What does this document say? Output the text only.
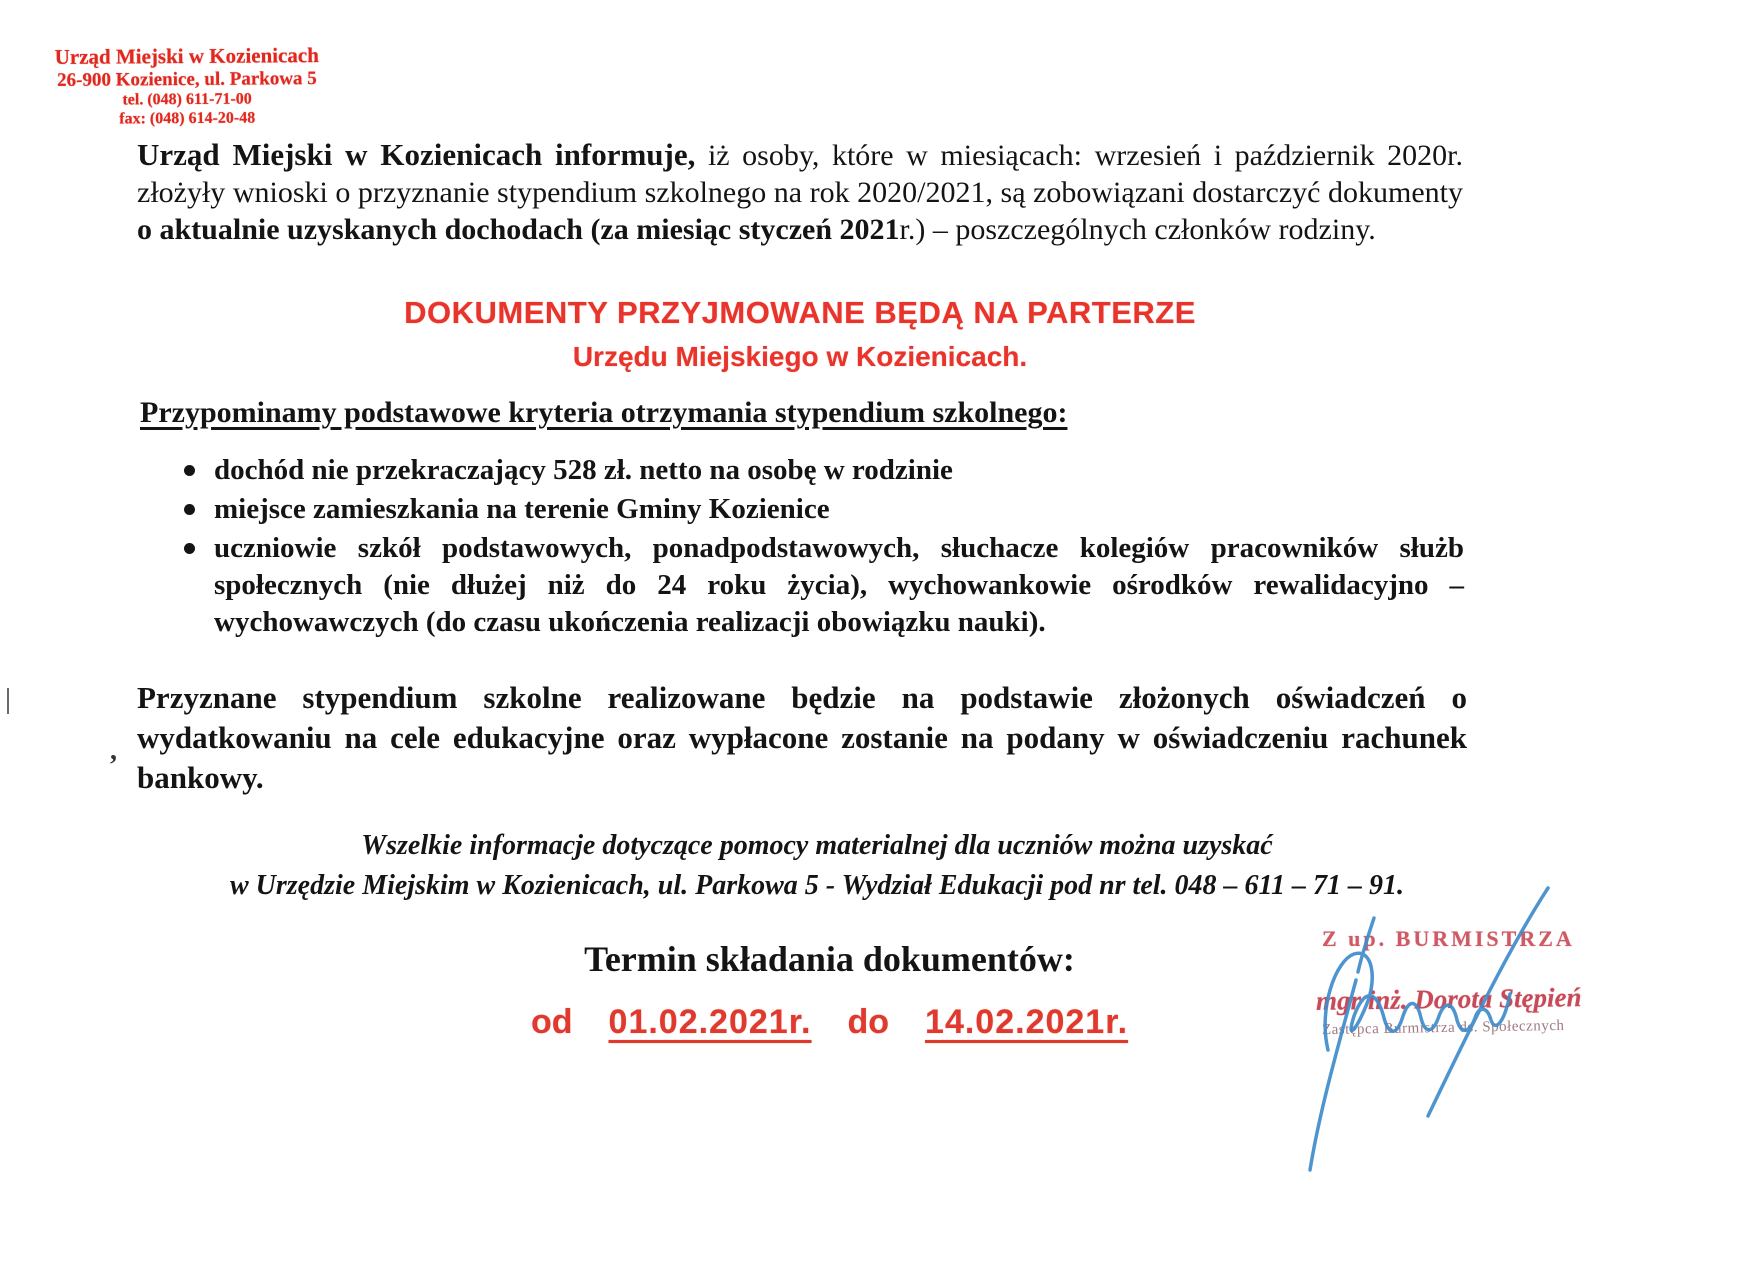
Urząd Miejski w Kozienicach
26-900 Kozienice, ul. Parkowa 5
tel. (048) 611-71-00
fax: (048) 614-20-48

Urząd Miejski w Kozienicach informuje, iż osoby, które w miesiącach: wrzesień i październik 2020r. złożyły wnioski o przyznanie stypendium szkolnego na rok 2020/2021, są zobowiązani dostarczyć dokumenty o aktualnie uzyskanych dochodach (za miesiąc styczeń 2021r.) – poszczególnych członków rodziny.

DOKUMENTY PRZYJMOWANE BĘDĄ NA PARTERZE
Urzędu Miejskiego w Kozienicach.
Przypominamy podstawowe kryteria otrzymania stypendium szkolnego:
dochód nie przekraczający 528 zł. netto na osobę w rodzinie
miejsce zamieszkania na terenie Gminy Kozienice
uczniowie szkół podstawowych, ponadpodstawowych, słuchacze kolegiów pracowników służb społecznych (nie dłużej niż do 24 roku życia), wychowankowie ośrodków rewalidacyjno – wychowawczych (do czasu ukończenia realizacji obowiązku nauki).

Przyznane stypendium szkolne realizowane będzie na podstawie złożonych oświadczeń o wydatkowaniu na cele edukacyjne oraz wypłacone zostanie na podany w oświadczeniu rachunek bankowy.

,
Wszelkie informacje dotyczące pomocy materialnej dla uczniów można uzyskać
w Urzędzie Miejskim w Kozienicach, ul. Parkowa 5 - Wydział Edukacji pod nr tel. 048 – 611 – 71 – 91.
Termin składania dokumentów:
od 01.02.2021r. do 14.02.2021r.
Z up. BURMISTRZA
mgr inż. Dorota Stępień
Zastępca Burmistrza ds. Społecznych
